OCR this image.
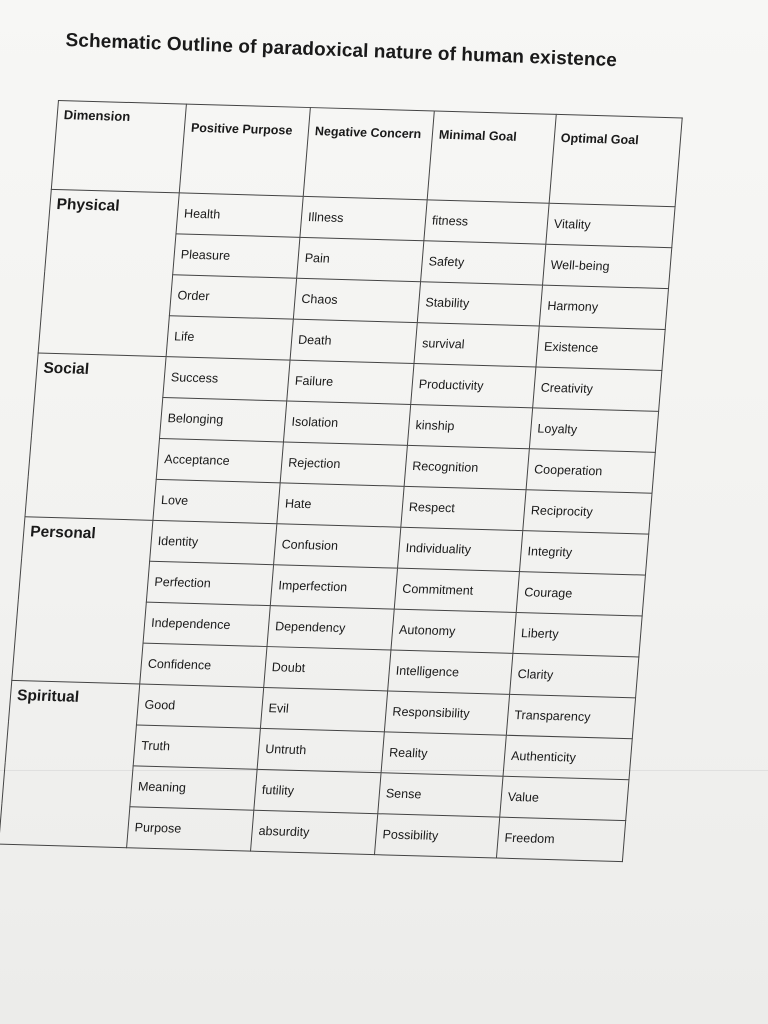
Schematic Outline of paradoxical nature of human existence
Dimension	Positive Purpose	Negative Concern	Minimal Goal	Optimal Goal
Physical	Health	Illness	fitness	Vitality
	Pleasure	Pain	Safety	Well-being
	Order	Chaos	Stability	Harmony
	Life	Death	survival	Existence
Social	Success	Failure	Productivity	Creativity
	Belonging	Isolation	kinship	Loyalty
	Acceptance	Rejection	Recognition	Cooperation
	Love	Hate	Respect	Reciprocity
Personal	Identity	Confusion	Individuality	Integrity
	Perfection	Imperfection	Commitment	Courage
	Independence	Dependency	Autonomy	Liberty
	Confidence	Doubt	Intelligence	Clarity
Spiritual	Good	Evil	Responsibility	Transparency
	Truth	Untruth	Reality	Authenticity
	Meaning	futility	Sense	Value
	Purpose	absurdity	Possibility	Freedom
